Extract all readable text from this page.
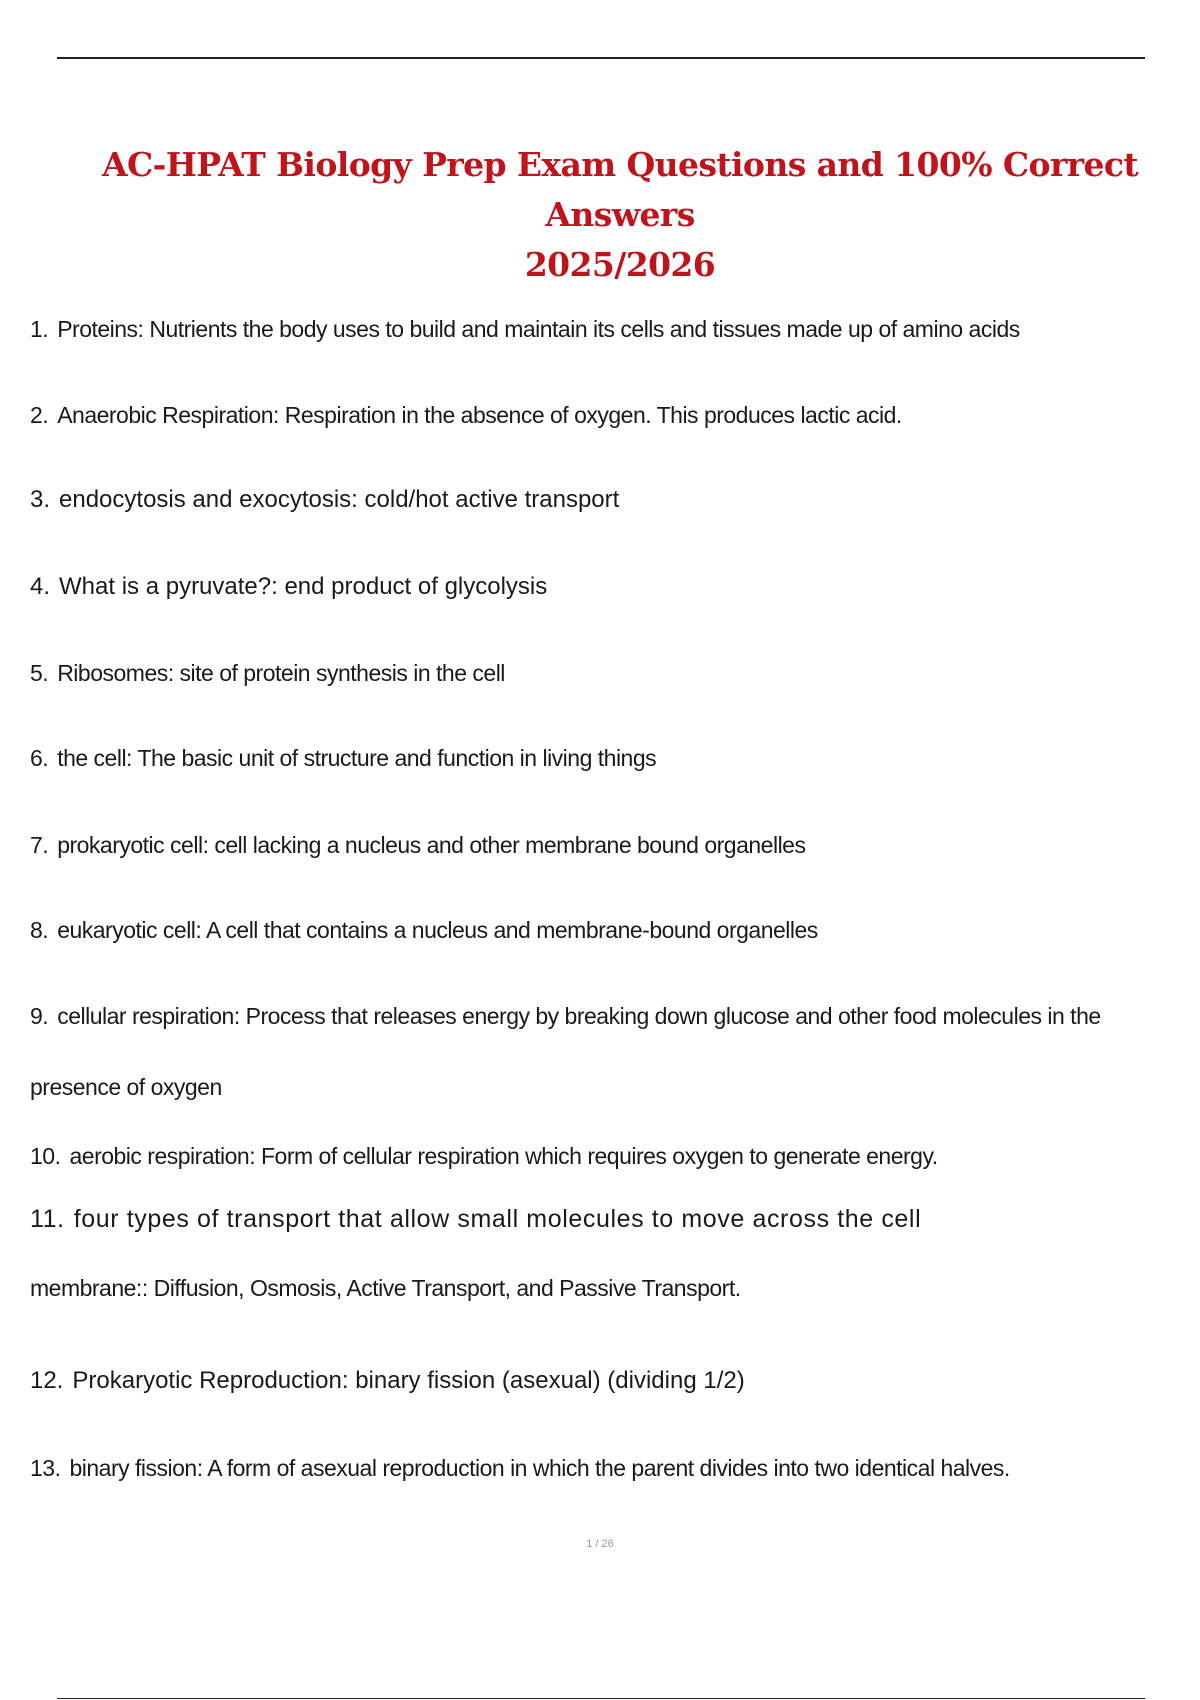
AC-HPAT Biology Prep Exam Questions and 100% Correct Answers
2025/2026
1. Proteins: Nutrients the body uses to build and maintain its cells and tissues made up of amino acids
2. Anaerobic Respiration: Respiration in the absence of oxygen. This produces lactic acid.
3. endocytosis and exocytosis: cold/hot active transport
4. What is a pyruvate?: end product of glycolysis
5. Ribosomes: site of protein synthesis in the cell
6. the cell: The basic unit of structure and function in living things
7. prokaryotic cell: cell lacking a nucleus and other membrane bound organelles
8. eukaryotic cell: A cell that contains a nucleus and membrane-bound organelles
9. cellular respiration: Process that releases energy by breaking down glucose and other food molecules in the
presence of oxygen
10. aerobic respiration: Form of cellular respiration which requires oxygen to generate energy.
11. four types of transport that allow small molecules to move across the cell
membrane:: Diffusion, Osmosis, Active Transport, and Passive Transport.
12. Prokaryotic Reproduction: binary fission (asexual) (dividing 1/2)
13. binary fission: A form of asexual reproduction in which the parent divides into two identical halves.
1 / 26
